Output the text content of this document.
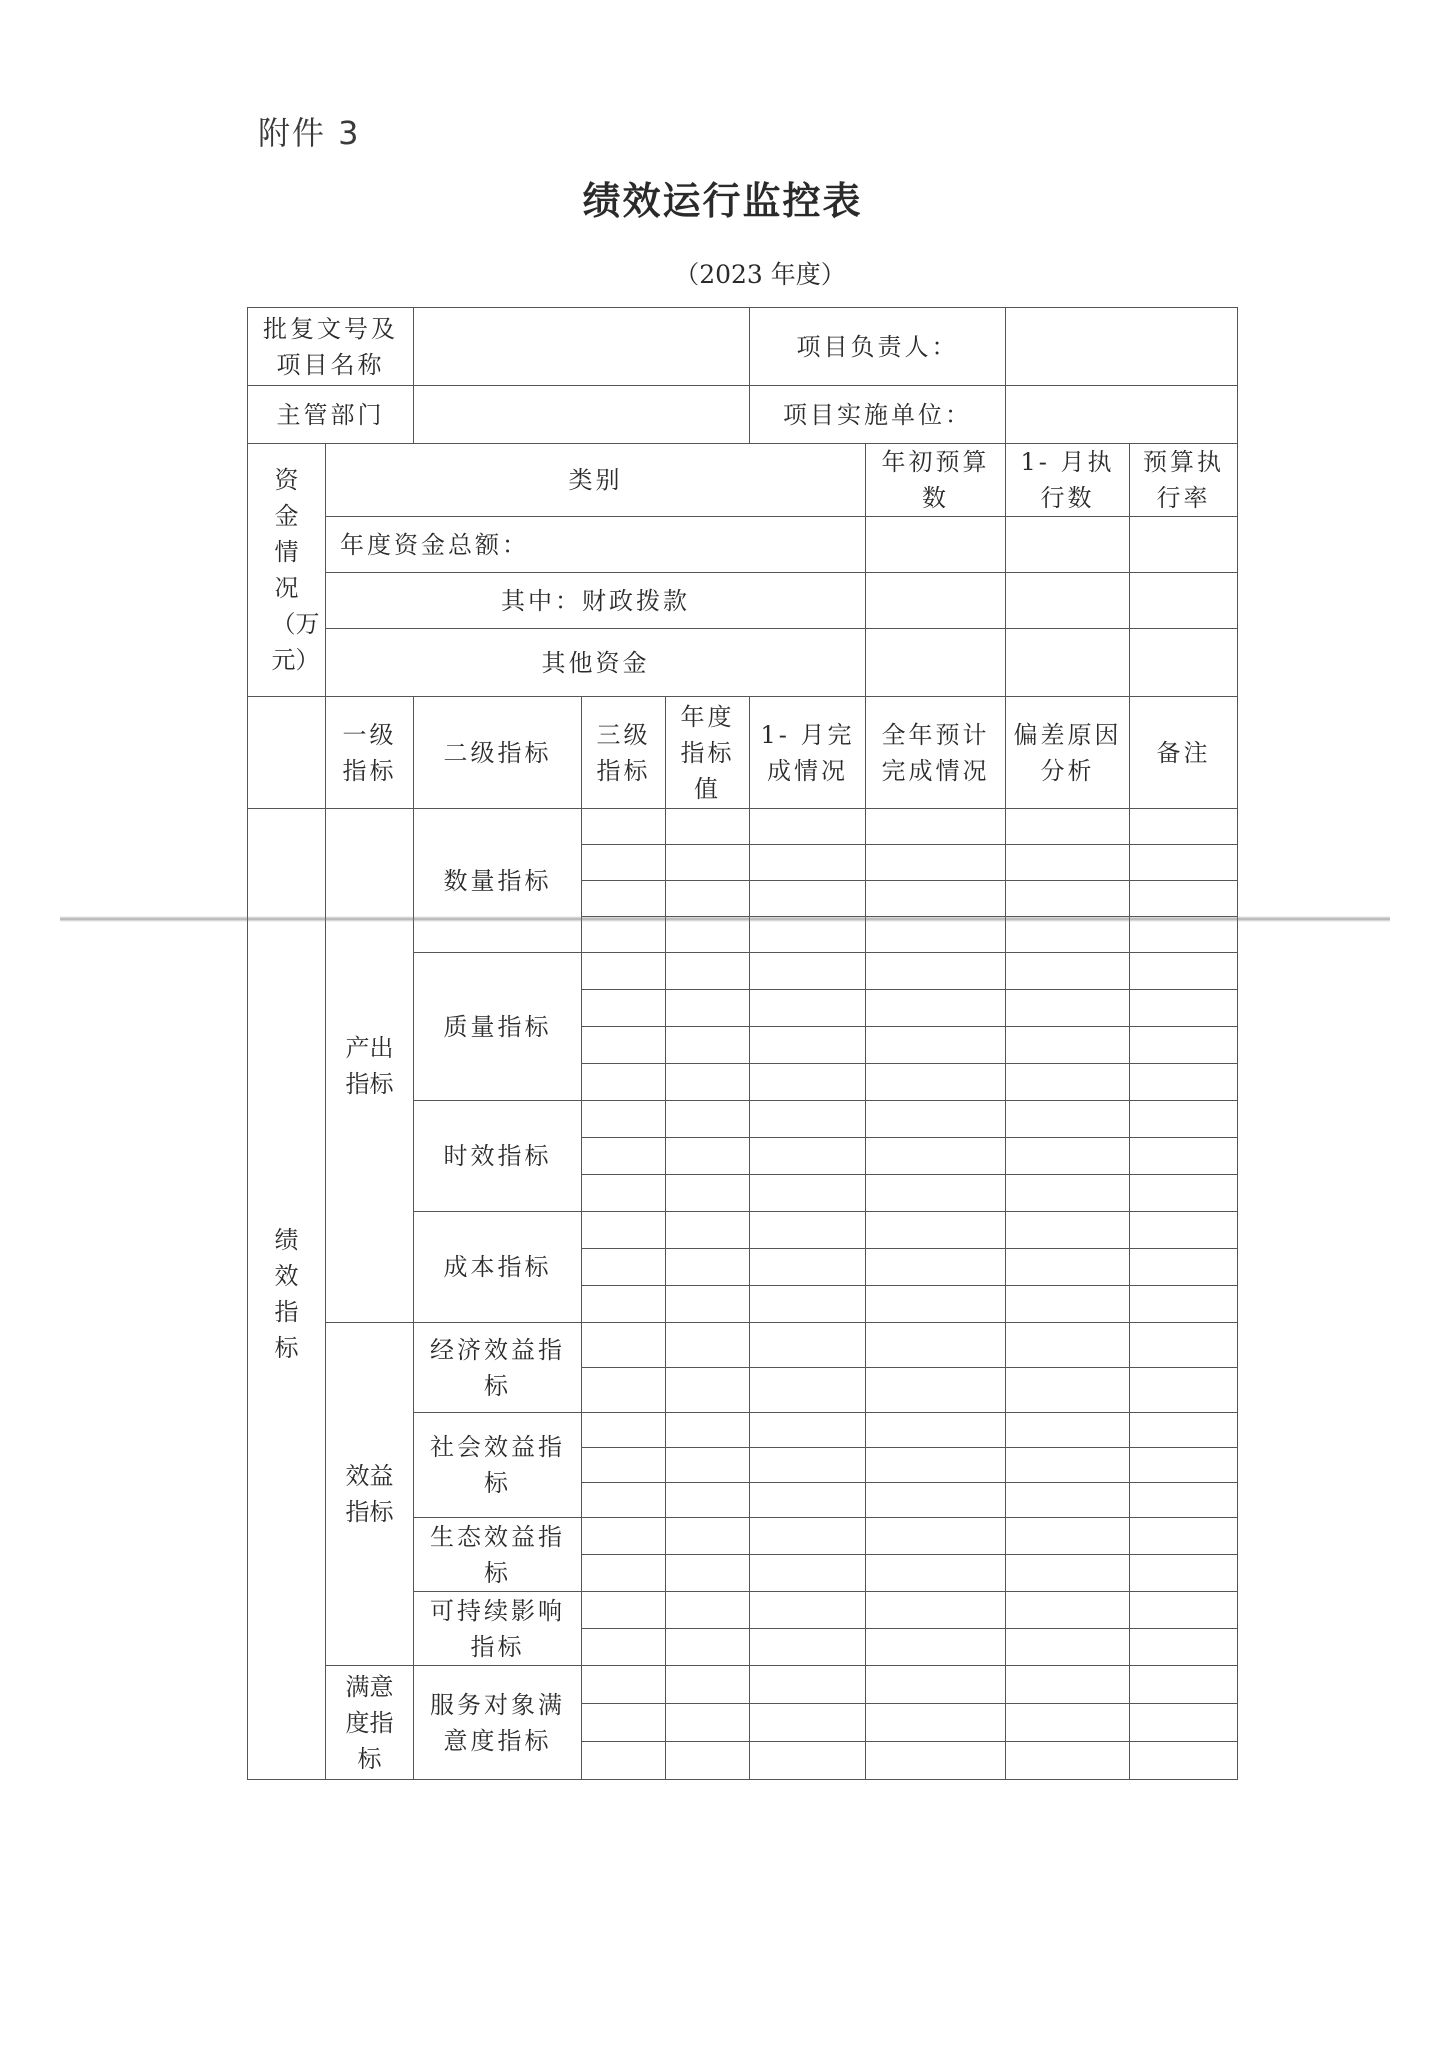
附件 3
绩效运行监控表
（2023 年度）
批复文号及项目名称					项目负责人：			
主管部门					项目实施单位：			
资金情况（万元）	类别					年初预算数	1- 月执行数	预算执行率
	年度资金总额：							
	其中：财政拨款							
	其他资金							
	一级指标	二级指标	三级指标	年度指标值	1- 月完成情况	全年预计完成情况	偏差原因分析	备注
绩效指标	产出指标	数量指标						

		质量指标						

		时效指标						

		成本指标						

	效益指标	经济效益指标						

		社会效益指标						

		生态效益指标						

		可持续影响指标						

	满意度指标	服务对象满意度指标						
